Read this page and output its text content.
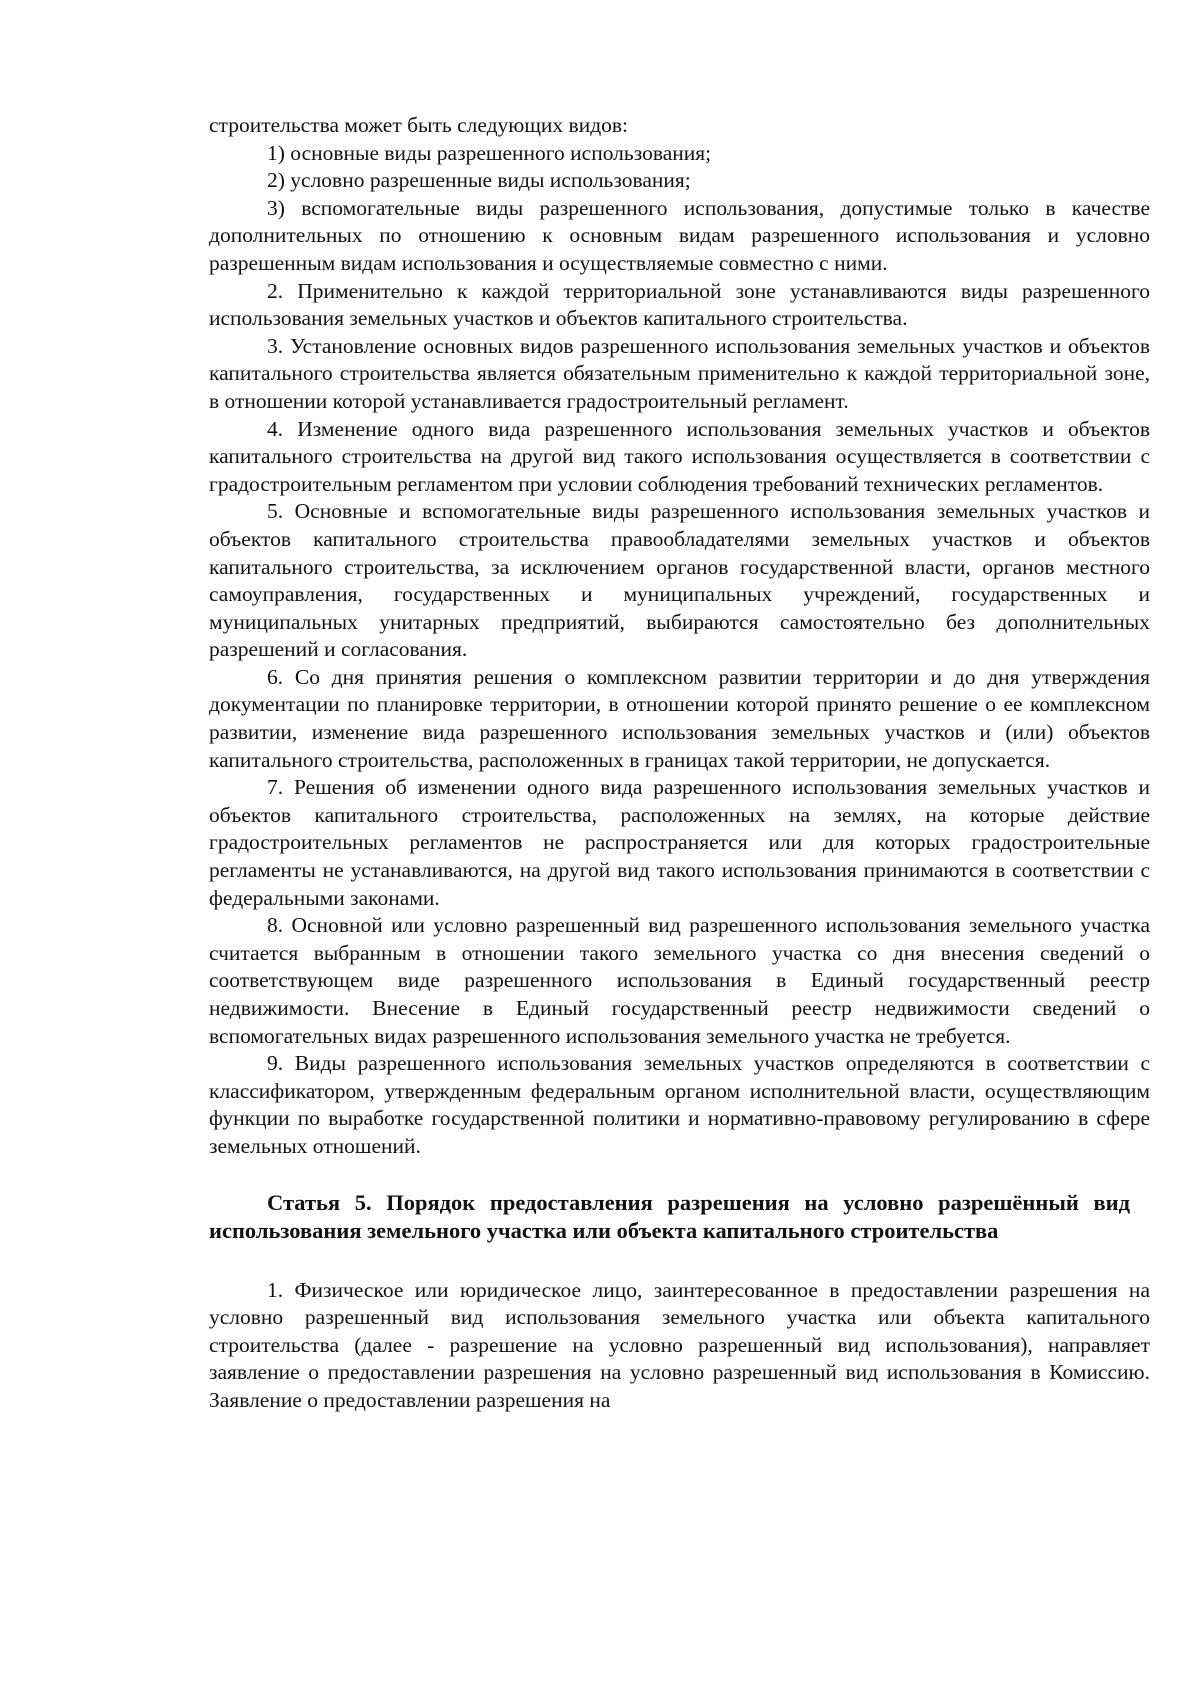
строительства может быть следующих видов:

1) основные виды разрешенного использования;

2) условно разрешенные виды использования;

3) вспомогательные виды разрешенного использования, допустимые только в качестве дополнительных по отношению к основным видам разрешенного использования и условно разрешенным видам использования и осуществляемые совместно с ними.

2. Применительно к каждой территориальной зоне устанавливаются виды разрешенного использования земельных участков и объектов капитального строительства.

3. Установление основных видов разрешенного использования земельных участков и объектов капитального строительства является обязательным применительно к каждой территориальной зоне, в отношении которой устанавливается градостроительный регламент.

4. Изменение одного вида разрешенного использования земельных участков и объектов капитального строительства на другой вид такого использования осуществляется в соответствии с градостроительным регламентом при условии соблюдения требований технических регламентов.

5. Основные и вспомогательные виды разрешенного использования земельных участков и объектов капитального строительства правообладателями земельных участков и объектов капитального строительства, за исключением органов государственной власти, органов местного самоуправления, государственных и муниципальных учреждений, государственных и муниципальных унитарных предприятий, выбираются самостоятельно без дополнительных разрешений и согласования.

6. Со дня принятия решения о комплексном развитии территории и до дня утверждения документации по планировке территории, в отношении которой принято решение о ее комплексном развитии, изменение вида разрешенного использования земельных участков и (или) объектов капитального строительства, расположенных в границах такой территории, не допускается.

7. Решения об изменении одного вида разрешенного использования земельных участков и объектов капитального строительства, расположенных на землях, на которые действие градостроительных регламентов не распространяется или для которых градостроительные регламенты не устанавливаются, на другой вид такого использования принимаются в соответствии с федеральными законами.

8. Основной или условно разрешенный вид разрешенного использования земельного участка считается выбранным в отношении такого земельного участка со дня внесения сведений о соответствующем виде разрешенного использования в Единый государственный реестр недвижимости. Внесение в Единый государственный реестр недвижимости сведений о вспомогательных видах разрешенного использования земельного участка не требуется.

9. Виды разрешенного использования земельных участков определяются в соответствии с классификатором, утвержденным федеральным органом исполнительной власти, осуществляющим функции по выработке государственной политики и нормативно-правовому регулированию в сфере земельных отношений.

Статья 5. Порядок предоставления разрешения на условно разрешённый вид использования земельного участка или объекта капитального строительства

1. Физическое или юридическое лицо, заинтересованное в предоставлении разрешения на условно разрешенный вид использования земельного участка или объекта капитального строительства (далее - разрешение на условно разрешенный вид использования), направляет заявление о предоставлении разрешения на условно разрешенный вид использования в Комиссию. Заявление о предоставлении разрешения на
